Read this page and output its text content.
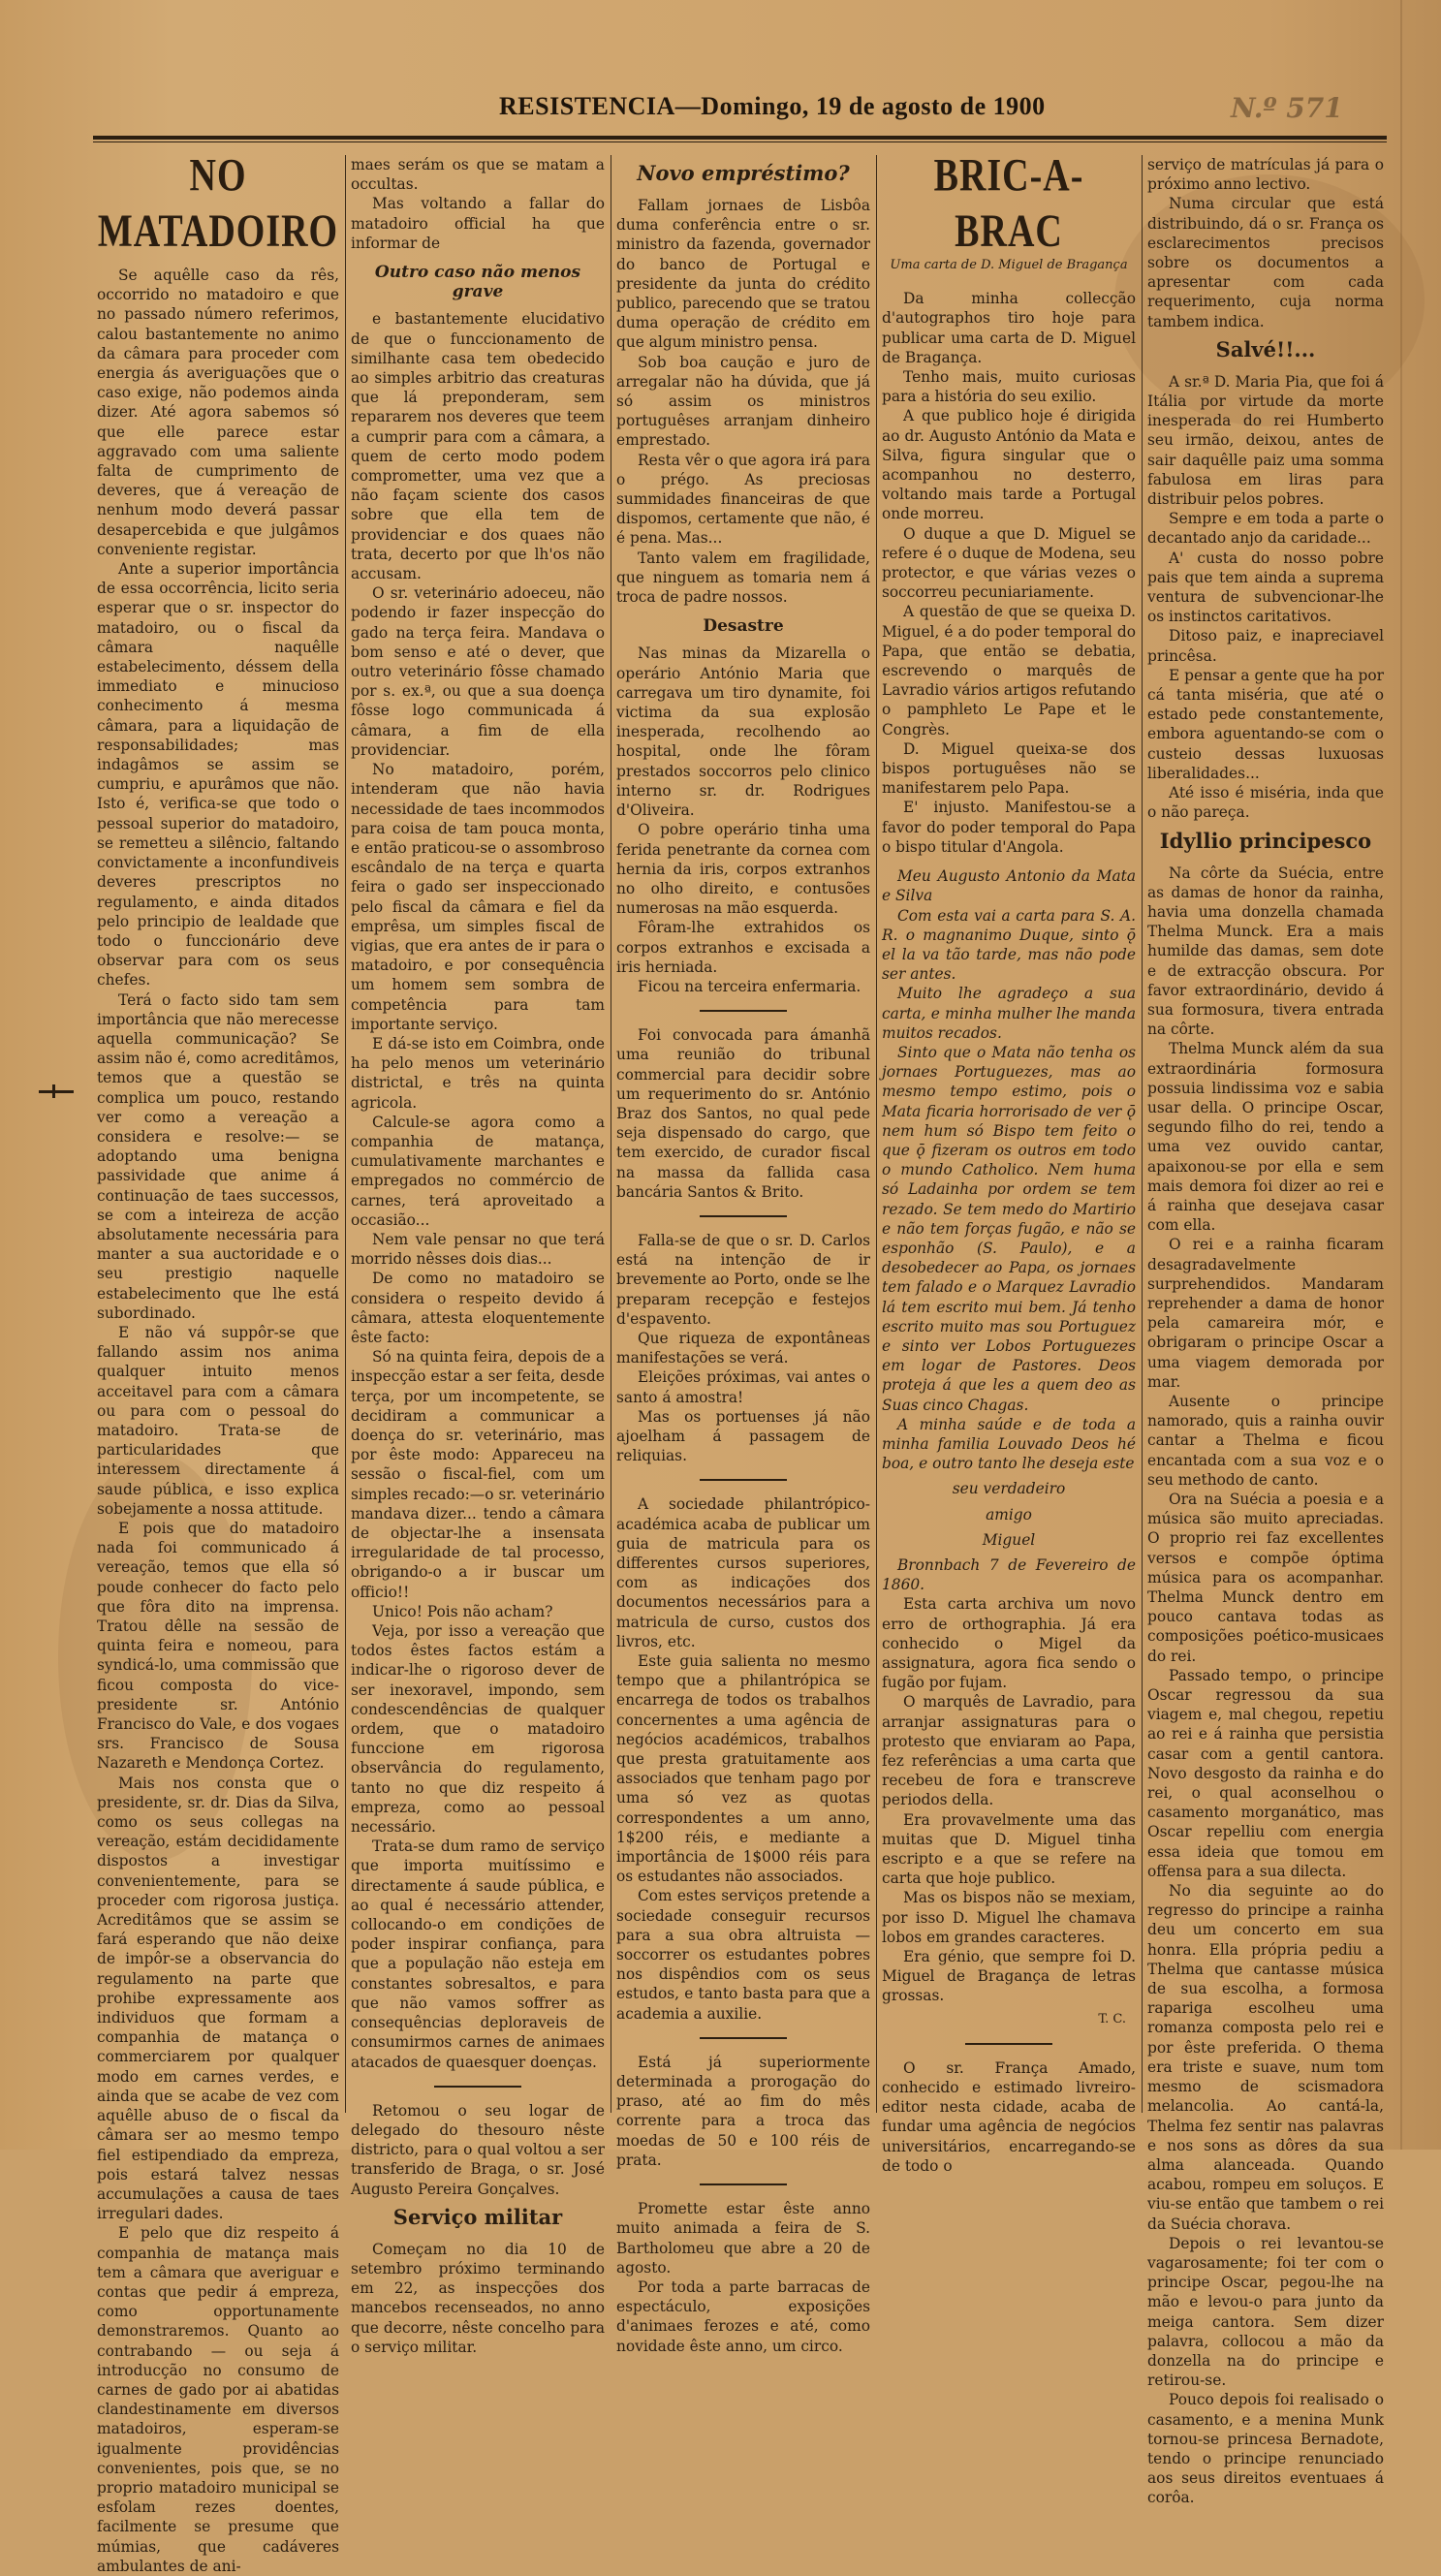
RESISTENCIA—Domingo, 19 de agosto de 1900	N.º 571
NO MATADOIRO

Se aquêlle caso da rês, occorrido no matadoiro e que no passado número referimos, calou bastantemente no animo da câmara para proceder com energia ás averiguações que o caso exige, não podemos ainda dizer. Até agora sabemos só que elle parece estar aggravado com uma saliente falta de cumprimento de deveres, que á vereação de nenhum modo deverá passar desapercebida e que julgâmos conveniente registar.

Ante a superior importância de essa occorrência, licito seria esperar que o sr. inspector do matadoiro, ou o fiscal da câmara naquêlle estabelecimento, déssem della immediato e minucioso conhecimento á mesma câmara, para a liquidação de responsabilidades; mas indagâmos se assim se cumpriu, e apurâmos que não. Isto é, verifica-se que todo o pessoal superior do matadoiro, se remetteu a silêncio, faltando convictamente a inconfundiveis deveres prescriptos no regulamento, e ainda ditados pelo principio de lealdade que todo o funccionário deve observar para com os seus chefes.

Terá o facto sido tam sem importância que não merecesse aquella communicação? Se assim não é, como acreditâmos, temos que a questão se complica um pouco, restando ver como a vereação a considera e resolve:— se adoptando uma benigna passividade que anime á continuação de taes successos, se com a inteireza de acção absolutamente necessária para manter a sua auctoridade e o seu prestigio naquelle estabelecimento que lhe está subordinado.

E não vá suppôr-se que fallando assim nos anima qualquer intuito menos acceitavel para com a câmara ou para com o pessoal do matadoiro. Trata-se de particularidades que interessem directamente á saude pública, e isso explica sobejamente a nossa attitude.

E pois que do matadoiro nada foi communicado á vereação, temos que ella só poude conhecer do facto pelo que fôra dito na imprensa. Tratou dêlle na sessão de quinta feira e nomeou, para syndicá-lo, uma commissão que ficou composta do vice-presidente sr. António Francisco do Vale, e dos vogaes srs. Francisco de Sousa Nazareth e Mendonça Cortez.

Mais nos consta que o presidente, sr. dr. Dias da Silva, como os seus collegas na vereação, estám decididamente dispostos a investigar convenientemente, para se proceder com rigorosa justiça. Acreditâmos que se assim se fará esperando que não deixe de impôr-se a observancia do regulamento na parte que prohibe expressamente aos individuos que formam a companhia de matança o commerciarem por qualquer modo em carnes verdes, e ainda que se acabe de vez com aquêlle abuso de o fiscal da câmara ser ao mesmo tempo fiel estipendiado da empreza, pois estará talvez nessas accumulações a causa de taes irregulari dades.

E pelo que diz respeito á companhia de matança mais tem a câmara que averiguar e contas que pedir á empreza, como opportunamente demonstraremos. Quanto ao contrabando — ou seja á introducção no consumo de carnes de gado por ai abatidas clandestinamente em diversos matadoiros, esperam-se igualmente providências convenientes, pois que, se no proprio matadoiro municipal se esfolam rezes doentes, facilmente se presume que múmias, que cadáveres ambulantes de ani-

maes serám os que se matam a occultas.

Mas voltando a fallar do matadoiro official ha que informar de

Outro caso não menos grave

e bastantemente elucidativo de que o funccionamento de similhante casa tem obedecido ao simples arbitrio das creaturas que lá preponderam, sem repararem nos deveres que teem a cumprir para com a câmara, a quem de certo modo podem comprometter, uma vez que a não façam sciente dos casos sobre que ella tem de providenciar e dos quaes não trata, decerto por que lh'os não accusam.

O sr. veterinário adoeceu, não podendo ir fazer inspecção do gado na terça feira. Mandava o bom senso e até o dever, que outro veterinário fôsse chamado por s. ex.ª, ou que a sua doença fôsse logo communicada á câmara, a fim de ella providenciar.

No matadoiro, porém, intenderam que não havia necessidade de taes incommodos para coisa de tam pouca monta, e então praticou-se o assombroso escândalo de na terça e quarta feira o gado ser inspeccionado pelo fiscal da câmara e fiel da emprêsa, um simples fiscal de vigias, que era antes de ir para o matadoiro, e por consequência um homem sem sombra de competência para tam importante serviço.

E dá-se isto em Coimbra, onde ha pelo menos um veterinário districtal, e três na quinta agricola.

Calcule-se agora como a companhia de matança, cumulativamente marchantes e empregados no commércio de carnes, terá aproveitado a occasião...

Nem vale pensar no que terá morrido nêsses dois dias...

De como no matadoiro se considera o respeito devido á câmara, attesta eloquentemente êste facto:

Só na quinta feira, depois de a inspecção estar a ser feita, desde terça, por um incompetente, se decidiram a communicar a doença do sr. veterinário, mas por êste modo: Appareceu na sessão o fiscal-fiel, com um simples recado:—o sr. veterinário mandava dizer... tendo a câmara de objectar-lhe a insensata irregularidade de tal processo, obrigando-o a ir buscar um officio!!

Unico! Pois não acham?

Veja, por isso a vereação que todos êstes factos estám a indicar-lhe o rigoroso dever de ser inexoravel, impondo, sem condescendências de qualquer ordem, que o matadoiro funccione em rigorosa observância do regulamento, tanto no que diz respeito á empreza, como ao pessoal necessário.

Trata-se dum ramo de serviço que importa muitíssimo e directamente á saude pública, e ao qual é necessário attender, collocando-o em condições de poder inspirar confiança, para que a população não esteja em constantes sobresaltos, e para que não vamos soffrer as consequências deploraveis de consumirmos carnes de animaes atacados de quaesquer doenças.

Retomou o seu logar de delegado do thesouro nêste districto, para o qual voltou a ser transferido de Braga, o sr. José Augusto Pereira Gonçalves.

Serviço militar

Começam no dia 10 de setembro próximo terminando em 22, as inspecções dos mancebos recenseados, no anno que decorre, nêste concelho para o serviço militar.

Novo empréstimo?

Fallam jornaes de Lisbôa duma conferência entre o sr. ministro da fazenda, governador do banco de Portugal e presidente da junta do crédito publico, parecendo que se tratou duma operação de crédito em que algum ministro pensa.

Sob boa caução e juro de arregalar não ha dúvida, que já só assim os ministros portuguêses arranjam dinheiro emprestado.

Resta vêr o que agora irá para o prégo. As preciosas summidades financeiras de que dispomos, certamente que não, é é pena. Mas...

Tanto valem em fragilidade, que ninguem as tomaria nem á troca de padre nossos.

Desastre

Nas minas da Mizarella o operário António Maria que carregava um tiro dynamite, foi victima da sua explosão inesperada, recolhendo ao hospital, onde lhe fôram prestados soccorros pelo clinico interno sr. dr. Rodrigues d'Oliveira.

O pobre operário tinha uma ferida penetrante da cornea com hernia da iris, corpos extranhos no olho direito, e contusões numerosas na mão esquerda.

Fôram-lhe extrahidos os corpos extranhos e excisada a iris herniada.

Ficou na terceira enfermaria.

Foi convocada para ámanhã uma reunião do tribunal commercial para decidir sobre um requerimento do sr. António Braz dos Santos, no qual pede seja dispensado do cargo, que tem exercido, de curador fiscal na massa da fallida casa bancária Santos & Brito.

Falla-se de que o sr. D. Carlos está na intenção de ir brevemente ao Porto, onde se lhe preparam recepção e festejos d'espavento.

Que riqueza de expontâneas manifestações se verá.

Eleições próximas, vai antes o santo á amostra!

Mas os portuenses já não ajoelham á passagem de reliquias.

A sociedade philantrópico-académica acaba de publicar um guia de matricula para os differentes cursos superiores, com as indicações dos documentos necessários para a matricula de curso, custos dos livros, etc.

Este guia salienta no mesmo tempo que a philantrópica se encarrega de todos os trabalhos concernentes a uma agência de negócios académicos, trabalhos que presta gratuitamente aos associados que tenham pago por uma só vez as quotas correspondentes a um anno, 1$200 réis, e mediante a importância de 1$000 réis para os estudantes não associados.

Com estes serviços pretende a sociedade conseguir recursos para a sua obra altruista — soccorrer os estudantes pobres nos dispêndios com os seus estudos, e tanto basta para que a academia a auxilie.

Está já superiormente determinada a prorogação do praso, até ao fim do mês corrente para a troca das moedas de 50 e 100 réis de prata.

Promette estar êste anno muito animada a feira de S. Bartholomeu que abre a 20 de agosto.

Por toda a parte barracas de espectáculo, exposições d'animaes ferozes e até, como novidade êste anno, um circo.

BRIC-A-BRAC
Uma carta de D. Miguel de Bragança

Da minha collecção d'autographos tiro hoje para publicar uma carta de D. Miguel de Bragança.

Tenho mais, muito curiosas para a história do seu exilio.

A que publico hoje é dirigida ao dr. Augusto António da Mata e Silva, figura singular que o acompanhou no desterro, voltando mais tarde a Portugal onde morreu.

O duque a que D. Miguel se refere é o duque de Modena, seu protector, e que várias vezes o soccorreu pecuniariamente.

A questão de que se queixa D. Miguel, é a do poder temporal do Papa, que então se debatia, escrevendo o marquês de Lavradio vários artigos refutando o pamphleto Le Pape et le Congrès.

D. Miguel queixa-se dos bispos portuguêses não se manifestarem pelo Papa.

E' injusto. Manifestou-se a favor do poder temporal do Papa o bispo titular d'Angola.

Meu Augusto Antonio da Mata e Silva

Com esta vai a carta para S. A. R. o magnanimo Duque, sinto ǭ el la va tão tarde, mas não pode ser antes.

Muito lhe agradeço a sua carta, e minha mulher lhe manda muitos recados.

Sinto que o Mata não tenha os jornaes Portuguezes, mas ao mesmo tempo estimo, pois o Mata ficaria horrorisado de ver ǭ nem hum só Bispo tem feito o que ǭ fizeram os outros em todo o mundo Catholico. Nem huma só Ladainha por ordem se tem rezado. Se tem medo do Martirio e não tem forças fugão, e não se esponhão (S. Paulo), e a desobedecer ao Papa, os jornaes tem falado e o Marquez Lavradio lá tem escrito mui bem. Já tenho escrito muito mas sou Portuguez e sinto ver Lobos Portuguezes em logar de Pastores. Deos proteja á que les a quem deo as Suas cinco Chagas.

A minha saúde e de toda a minha familia Louvado Deos hé boa, e outro tanto lhe deseja este

seu verdadeiro
amigo
Miguel

Bronnbach 7 de Fevereiro de 1860.

Esta carta archiva um novo erro de orthographia. Já era conhecido o Migel da assignatura, agora fica sendo o fugão por fujam.

O marquês de Lavradio, para arranjar assignaturas para o protesto que enviaram ao Papa, fez referências a uma carta que recebeu de fora e transcreve periodos della.

Era provavelmente uma das muitas que D. Miguel tinha escripto e a que se refere na carta que hoje publico.

Mas os bispos não se mexiam, por isso D. Miguel lhe chamava lobos em grandes caracteres.

Era génio, que sempre foi D. Miguel de Bragança de letras grossas.

T. C.

O sr. França Amado, conhecido e estimado livreiro-editor nesta cidade, acaba de fundar uma agência de negócios universitários, encarregando-se de todo o

serviço de matrículas já para o próximo anno lectivo.

Numa circular que está distribuindo, dá o sr. França os esclarecimentos precisos sobre os documentos a apresentar com cada requerimento, cuja norma tambem indica.

Salvé!!...

A sr.ª D. Maria Pia, que foi á Itália por virtude da morte inesperada do rei Humberto seu irmão, deixou, antes de sair daquêlle paiz uma somma fabulosa em liras para distribuir pelos pobres.

Sempre e em toda a parte o decantado anjo da caridade...

A' custa do nosso pobre pais que tem ainda a suprema ventura de subvencionar-lhe os instinctos caritativos.

Ditoso paiz, e inapreciavel princêsa.

E pensar a gente que ha por cá tanta miséria, que até o estado pede constantemente, embora aguentando-se com o custeio dessas luxuosas liberalidades...

Até isso é miséria, inda que o não pareça.

Idyllio principesco

Na côrte da Suécia, entre as damas de honor da rainha, havia uma donzella chamada Thelma Munck. Era a mais humilde das damas, sem dote e de extracção obscura. Por favor extraordinário, devido á sua formosura, tivera entrada na côrte.

Thelma Munck além da sua extraordinária formosura possuia lindissima voz e sabia usar della. O principe Oscar, segundo filho do rei, tendo a uma vez ouvido cantar, apaixonou-se por ella e sem mais demora foi dizer ao rei e á rainha que desejava casar com ella.

O rei e a rainha ficaram desagradavelmente surprehendidos. Mandaram reprehender a dama de honor pela camareira mór, e obrigaram o principe Oscar a uma viagem demorada por mar.

Ausente o principe namorado, quis a rainha ouvir cantar a Thelma e ficou encantada com a sua voz e o seu methodo de canto.

Ora na Suécia a poesia e a música são muito apreciadas. O proprio rei faz excellentes versos e compõe óptima música para os acompanhar. Thelma Munck dentro em pouco cantava todas as composições poético-musicaes do rei.

Passado tempo, o principe Oscar regressou da sua viagem e, mal chegou, repetiu ao rei e á rainha que persistia casar com a gentil cantora. Novo desgosto da rainha e do rei, o qual aconselhou o casamento morganático, mas Oscar repelliu com energia essa ideia que tomou em offensa para a sua dilecta.

No dia seguinte ao do regresso do principe a rainha deu um concerto em sua honra. Ella própria pediu a Thelma que cantasse música de sua escolha, a formosa rapariga escolheu uma romanza composta pelo rei e por êste preferida. O thema era triste e suave, num tom mesmo de scismadora melancolia. Ao cantá-la, Thelma fez sentir nas palavras e nos sons as dôres da sua alma alanceada. Quando acabou, rompeu em soluços. E viu-se então que tambem o rei da Suécia chorava.

Depois o rei levantou-se vagarosamente; foi ter com o principe Oscar, pegou-lhe na mão e levou-o para junto da meiga cantora. Sem dizer palavra, collocou a mão da donzella na do principe e retirou-se.

Pouco depois foi realisado o casamento, e a menina Munk tornou-se princesa Bernadote, tendo o principe renunciado aos seus direitos eventuaes á corôa.
